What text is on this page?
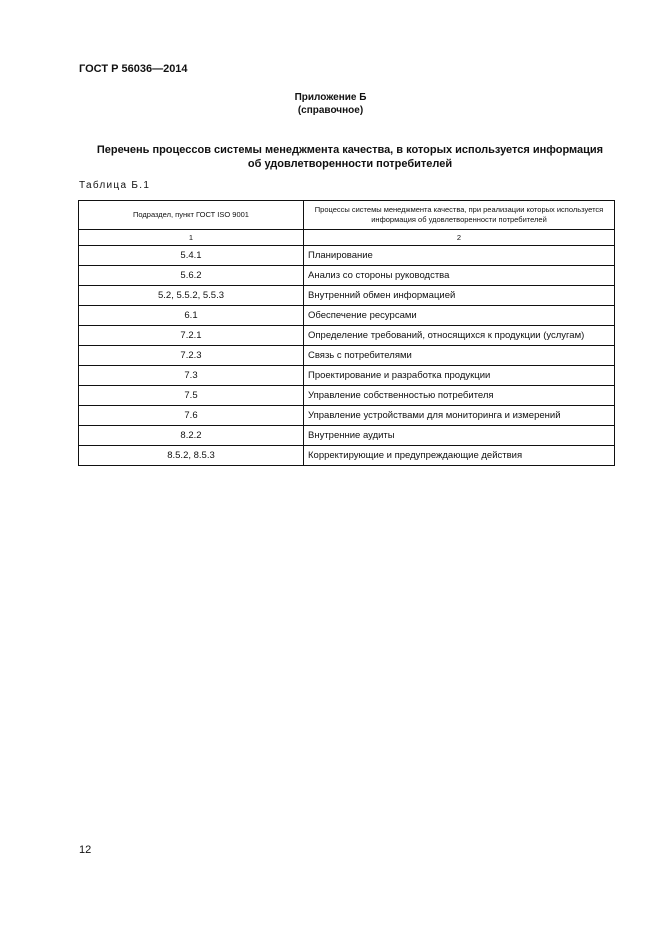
ГОСТ Р 56036—2014
Приложение Б
(справочное)
Перечень процессов системы менеджмента качества, в которых используется информация
об удовлетворенности потребителей
Таблица Б.1
Подраздел, пункт ГОСТ ISO 9001	Процессы системы менеджмента качества, при реализации которых используется информация об удовлетворенности потребителей
1	2
5.4.1	Планирование
5.6.2	Анализ со стороны руководства
5.2, 5.5.2, 5.5.3	Внутренний обмен информацией
6.1	Обеспечение ресурсами
7.2.1	Определение требований, относящихся к продукции (услугам)
7.2.3	Связь с потребителями
7.3	Проектирование и разработка продукции
7.5	Управление собственностью потребителя
7.6	Управление устройствами для мониторинга и измерений
8.2.2	Внутренние аудиты
8.5.2, 8.5.3	Корректирующие и предупреждающие действия
12
